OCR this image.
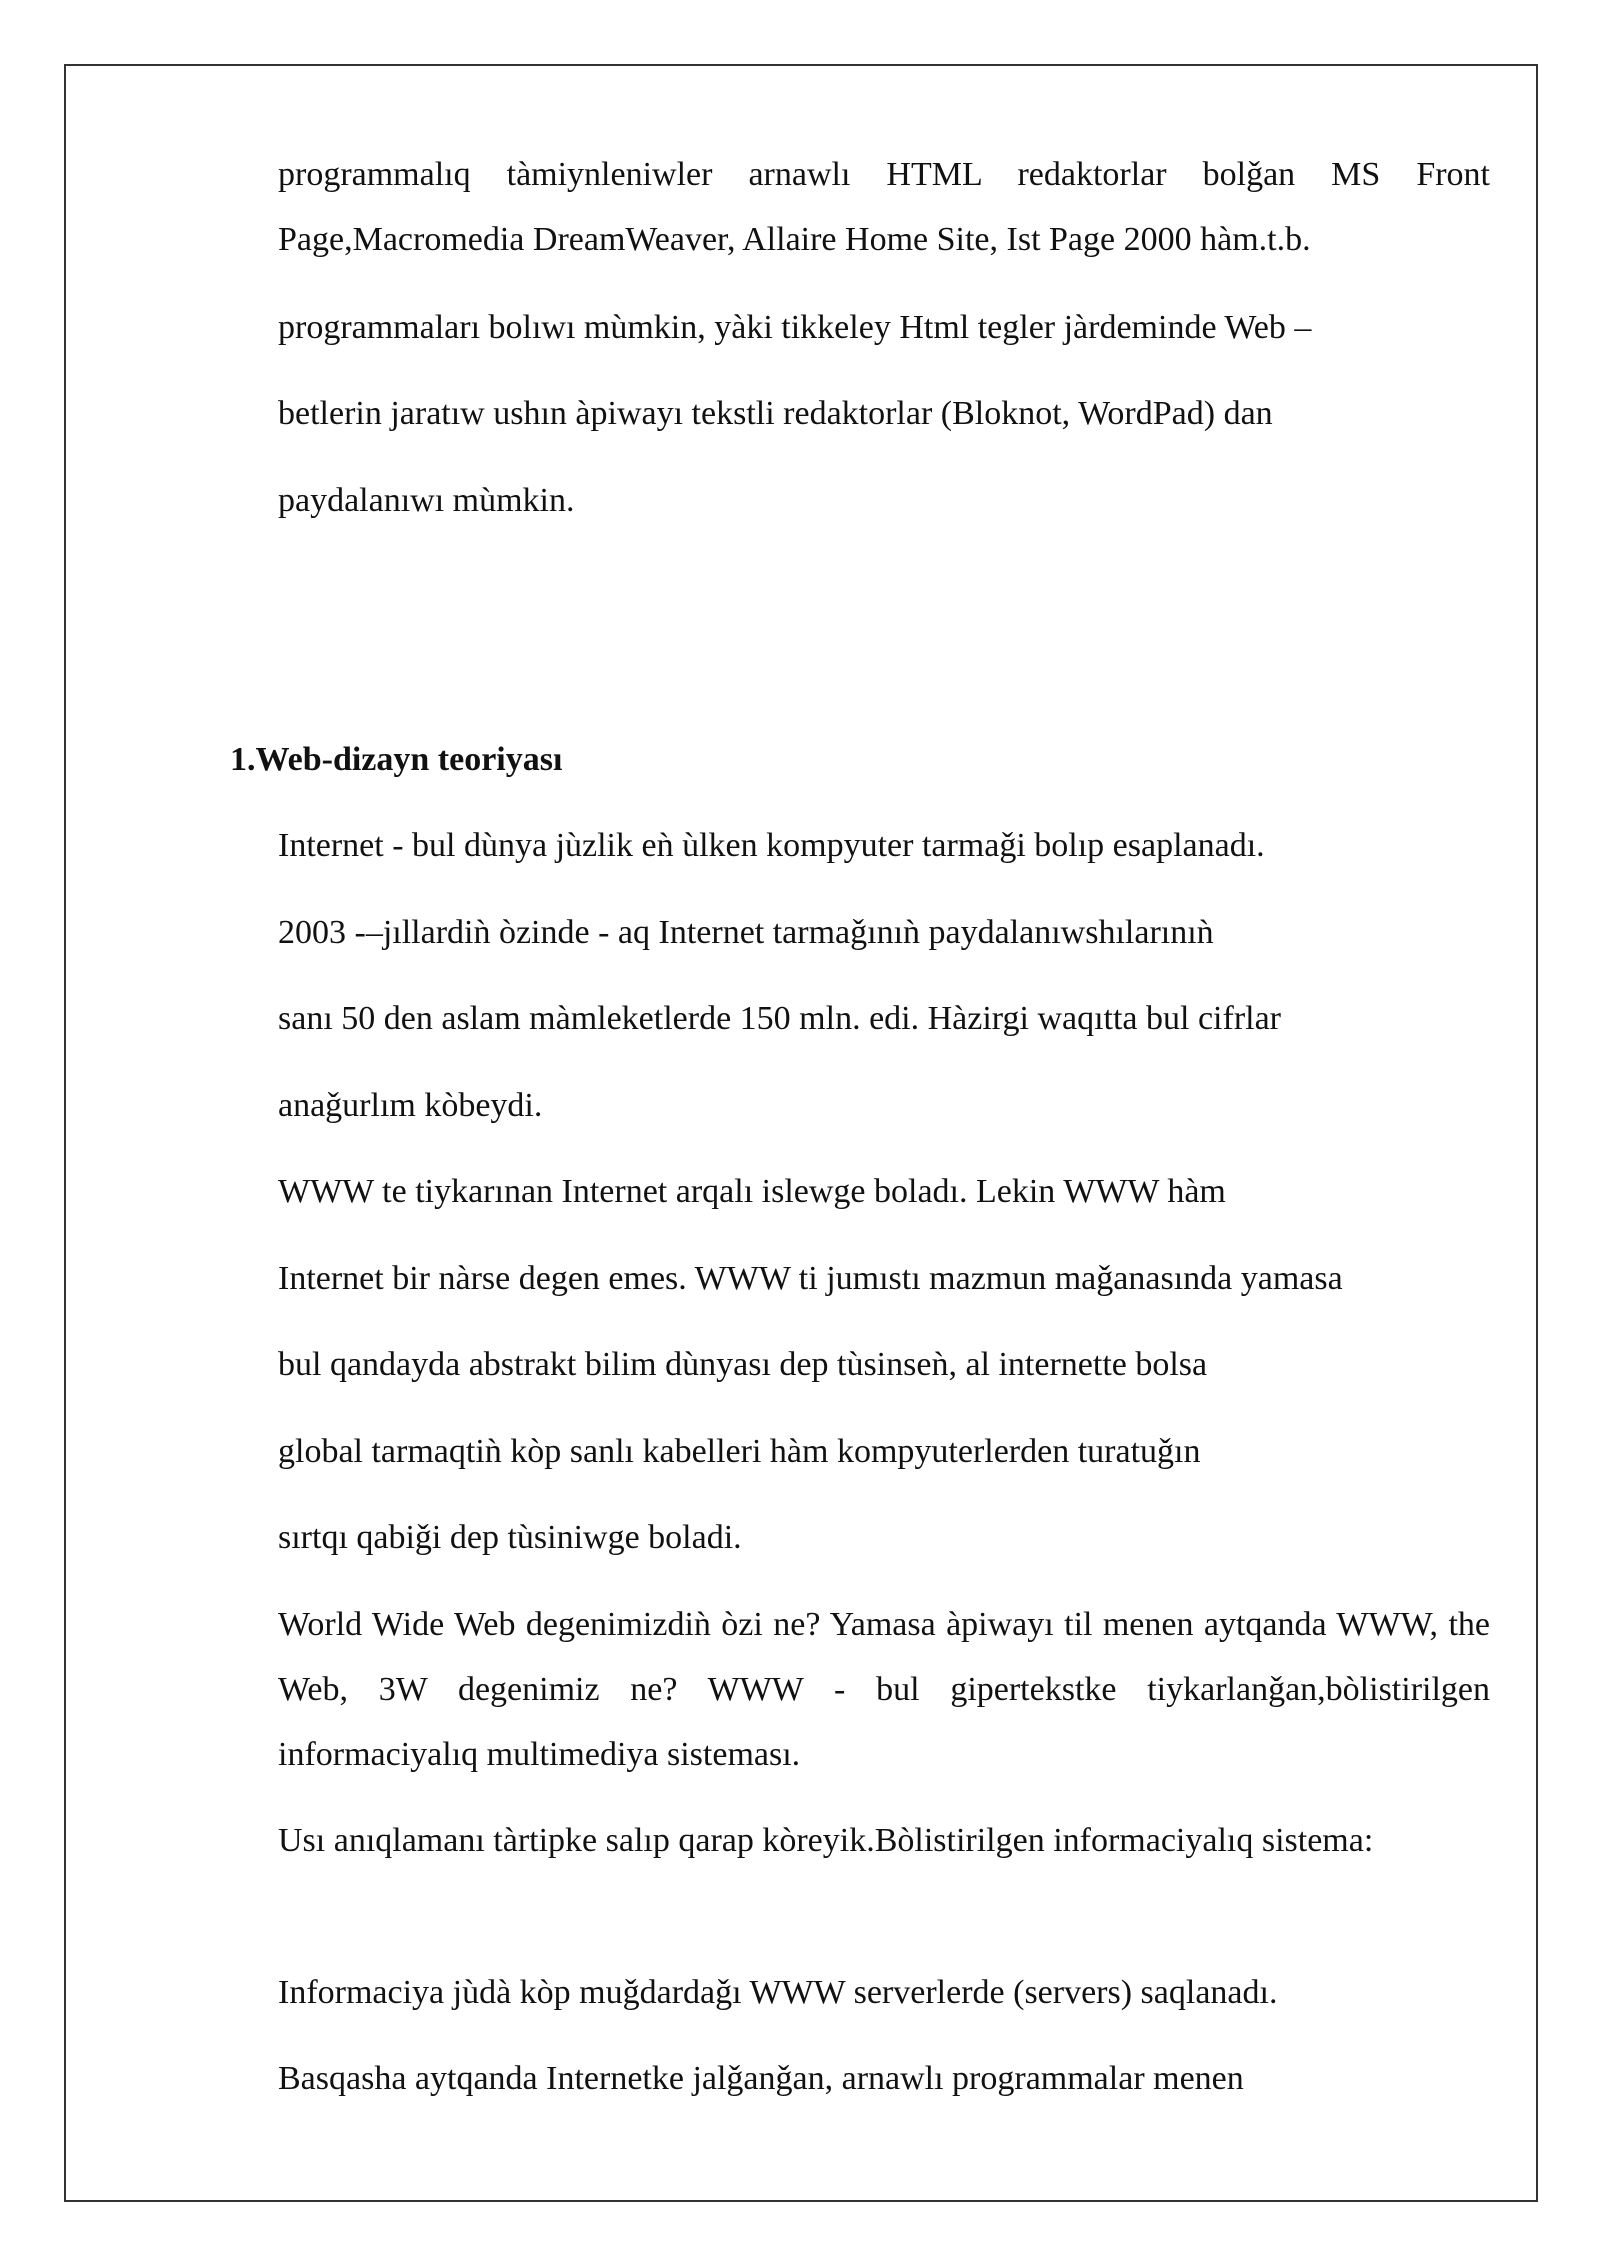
programmalıq tàmiynleniwler arnawlı HTML redaktorlar bolǧan MS Front Page,Macromedia DreamWeaver, Allaire Home Site, Ist Page 2000 hàm.t.b.

programmaları bolıwı mùmkin, yàki tikkeley Html tegler jàrdeminde Web –

betlerin jaratıw ushın àpiwayı tekstli redaktorlar (Bloknot, WordPad) dan

paydalanıwı mùmkin.

1.Web-dizayn teoriyası

Internet - bul dùnya jùzlik eǹ ùlken kompyuter tarmaǧi bolıp esaplanadı.

2003 -–jıllardiǹ òzinde - aq Internet tarmaǧınıǹ paydalanıwshılarınıǹ

sanı 50 den aslam màmleketlerde 150 mln. edi. Hàzirgi waqıtta bul cifrlar

anaǧurlım kòbeydi.

WWW te tiykarınan Internet arqalı islewge boladı. Lekin WWW hàm

Internet bir nàrse degen emes. WWW ti jumıstı mazmun maǧanasında yamasa

bul qandayda abstrakt bilim dùnyası dep tùsinseǹ, al internette bolsa

global tarmaqtiǹ kòp sanlı kabelleri hàm kompyuterlerden turatuǧın

sırtqı qabiǧi dep tùsiniwge boladi.

World Wide Web degenimizdiǹ òzi ne? Yamasa àpiwayı til menen aytqanda WWW, the Web, 3W degenimiz ne? WWW - bul gipertekstke tiykarlanǧan,bòlistirilgen informaciyalıq multimediya sisteması.

Usı anıqlamanı tàrtipke salıp qarap kòreyik.Bòlistirilgen informaciyalıq sistema:

Informaciya jùdà kòp muǧdardaǧı WWW serverlerde (servers) saqlanadı.

Basqasha aytqanda Internetke jalǧanǧan, arnawlı programmalar menen
